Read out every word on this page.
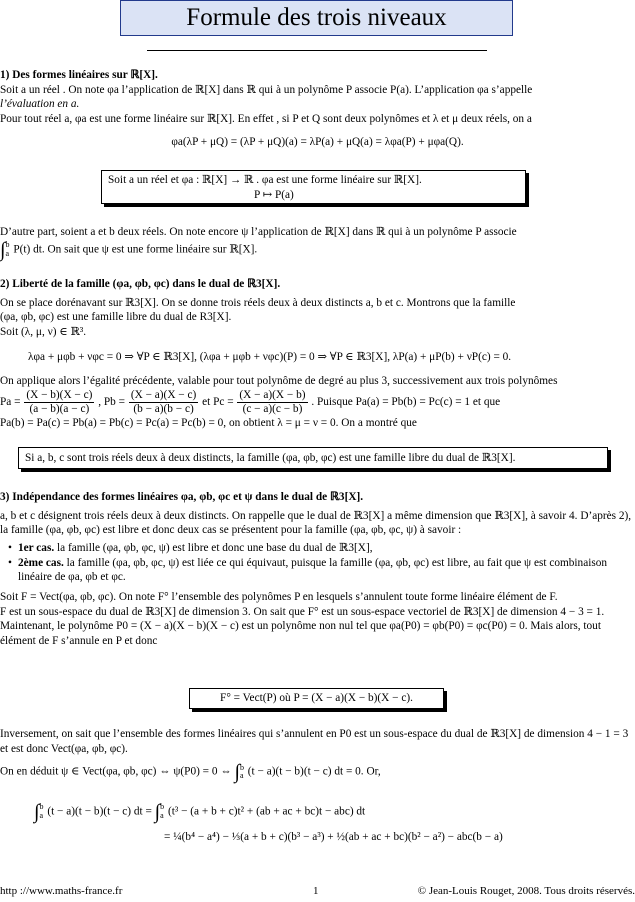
Formule des trois niveaux

1) Des formes linéaires sur ℝ[X].

Soit a un réel . On note φa l’application de ℝ[X] dans ℝ qui à un polynôme P associe P(a). L’application φa s’appelle

l’évaluation en a.

Pour tout réel a, φa est une forme linéaire sur ℝ[X]. En effet , si P et Q sont deux polynômes et λ et μ deux réels, on a

φa(λP + μQ) = (λP + μQ)(a) = λP(a) + μQ(a) = λφa(P) + μφa(Q).

Soit a un réel et φa : ℝ[X] → ℝ . φa est une forme linéaire sur ℝ[X].

P ↦ P(a)

D’autre part, soient a et b deux réels. On note encore ψ l’application de ℝ[X] dans ℝ qui à un polynôme P associe

∫ b
a P(t) dt. On sait que ψ est une forme linéaire sur ℝ[X].

2) Liberté de la famille (φa, φb, φc) dans le dual de ℝ3[X].

On se place dorénavant sur ℝ3[X]. On se donne trois réels deux à deux distincts a, b et c. Montrons que la famille

(φa, φb, φc) est une famille libre du dual de R3[X].

Soit (λ, μ, ν) ∈ ℝ³.

λφa + μφb + νφc = 0 ⇒ ∀P ∈ ℝ3[X], (λφa + μφb + νφc)(P) = 0 ⇒ ∀P ∈ ℝ3[X], λP(a) + μP(b) + νP(c) = 0.

On applique alors l’égalité précédente, valable pour tout polynôme de degré au plus 3, successivement aux trois polynômes

$Pa = \frac{(X - b)(X - c)}{(a - b)(a - c)}$ , $Pb = \frac{(X - a)(X - c)}{(b - a)(b - c)}$ et $Pc = \frac{(X - a)(X - b)}{(c - a)(c - b)}$ . Puisque Pa(a) = Pb(b) = Pc(c) = 1 et que

Pa(b) = Pa(c) = Pb(a) = Pb(c) = Pc(a) = Pc(b) = 0, on obtient λ = μ = ν = 0. On a montré que

Si a, b, c sont trois réels deux à deux distincts, la famille (φa, φb, φc) est une famille libre du dual de ℝ3[X].

3) Indépendance des formes linéaires φa, φb, φc et ψ dans le dual de ℝ3[X].

a, b et c désignent trois réels deux à deux distincts. On rappelle que le dual de ℝ3[X] a même dimension que ℝ3[X], à savoir 4. D’après 2), la famille (φa, φb, φc) est libre et donc deux cas se présentent pour la famille (φa, φb, φc, ψ) à savoir :

• 1er cas. la famille (φa, φb, φc, ψ) est libre et donc une base du dual de ℝ3[X],
• 2ème cas. la famille (φa, φb, φc, ψ) est liée ce qui équivaut, puisque la famille (φa, φb, φc) est libre, au fait que ψ est combinaison linéaire de φa, φb et φc.

Soit F = Vect(φa, φb, φc). On note F° l’ensemble des polynômes P en lesquels s’annulent toute forme linéaire élément de F.

F est un sous-espace du dual de ℝ3[X] de dimension 3. On sait que F° est un sous-espace vectoriel de ℝ3[X] de dimension 4 − 3 = 1. Maintenant, le polynôme P0 = (X − a)(X − b)(X − c) est un polynôme non nul tel que φa(P0) = φb(P0) = φc(P0) = 0. Mais alors, tout élément de F s’annule en P et donc

F° = Vect(P) où P = (X − a)(X − b)(X − c).

Inversement, on sait que l’ensemble des formes linéaires qui s’annulent en P0 est un sous-espace du dual de ℝ3[X] de dimension 4 − 1 = 3 et est donc Vect(φa, φb, φc).

On en déduit ψ ∈ Vect(φa, φb, φc) ⇔ ψ(P0) = 0 ⇔ ∫ b
a (t − a)(t − b)(t − c) dt = 0. Or,

∫ b
a (t − a)(t − b)(t − c) dt = ∫ b
a (t³ − (a + b + c)t² + (ab + ac + bc)t − abc) dt

= ¼(b⁴ − a⁴) − ⅓(a + b + c)(b³ − a³) + ½(ab + ac + bc)(b² − a²) − abc(b − a)

http ://www.maths-france.fr	1	© Jean-Louis Rouget, 2008. Tous droits réservés.
